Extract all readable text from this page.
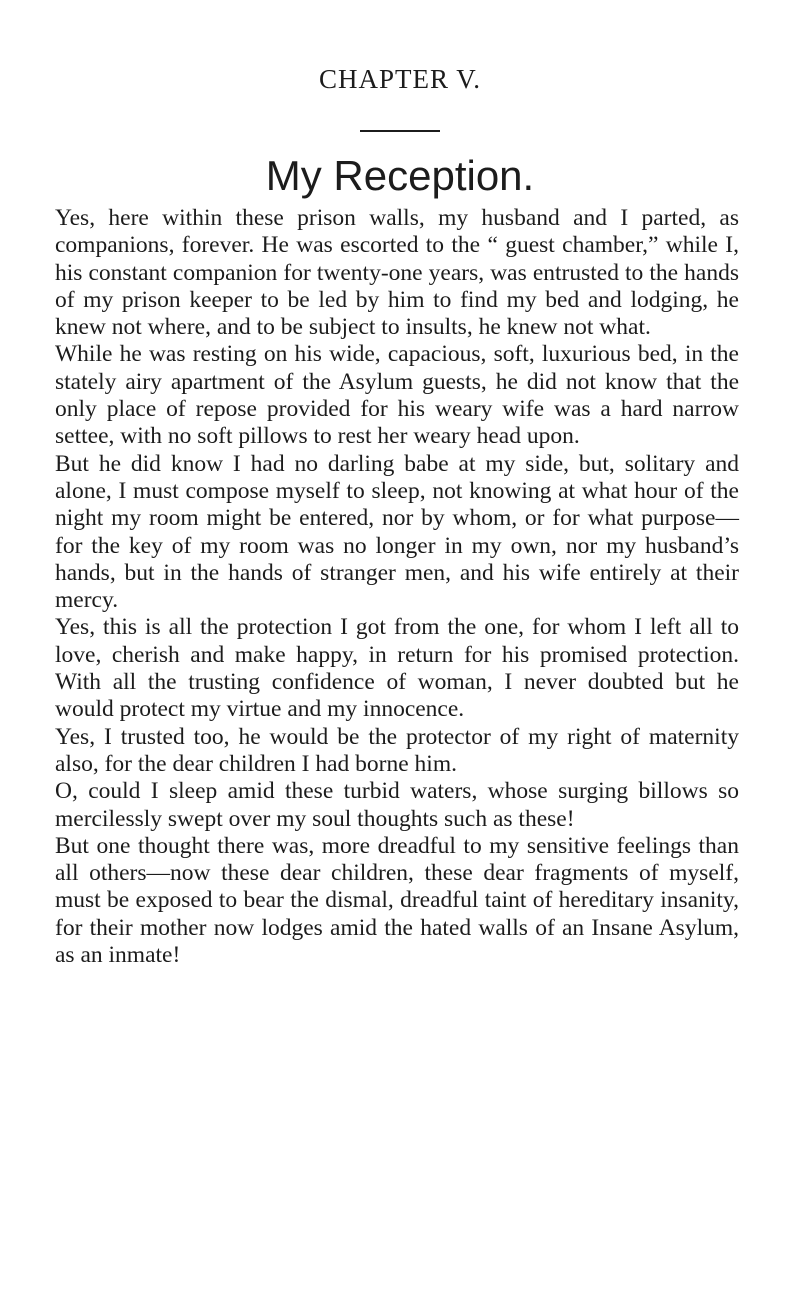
CHAPTER V.
My Reception.

Yes, here within these prison walls, my husband and I parted, as companions, forever. He was escorted to the “ guest chamber,” while I, his constant companion for twenty-one years, was entrusted to the hands of my prison keeper to be led by him to find my bed and lodging, he knew not where, and to be subject to insults, he knew not what.

While he was resting on his wide, capacious, soft, luxurious bed, in the stately airy apartment of the Asylum guests, he did not know that the only place of repose provided for his weary wife was a hard narrow settee, with no soft pillows to rest her weary head upon.

But he did know I had no darling babe at my side, but, solitary and alone, I must compose myself to sleep, not knowing at what hour of the night my room might be entered, nor by whom, or for what purpose—for the key of my room was no longer in my own, nor my husband’s hands, but in the hands of stranger men, and his wife entirely at their mercy.

Yes, this is all the protection I got from the one, for whom I left all to love, cherish and make happy, in return for his promised protection. With all the trusting confidence of woman, I never doubted but he would protect my virtue and my innocence.

Yes, I trusted too, he would be the protector of my right of maternity also, for the dear children I had borne him.

O, could I sleep amid these turbid waters, whose surging billows so mercilessly swept over my soul thoughts such as these!

But one thought there was, more dreadful to my sensitive feelings than all others—now these dear children, these dear fragments of myself, must be exposed to bear the dismal, dreadful taint of hereditary insanity, for their mother now lodges amid the hated walls of an Insane Asylum, as an inmate!
